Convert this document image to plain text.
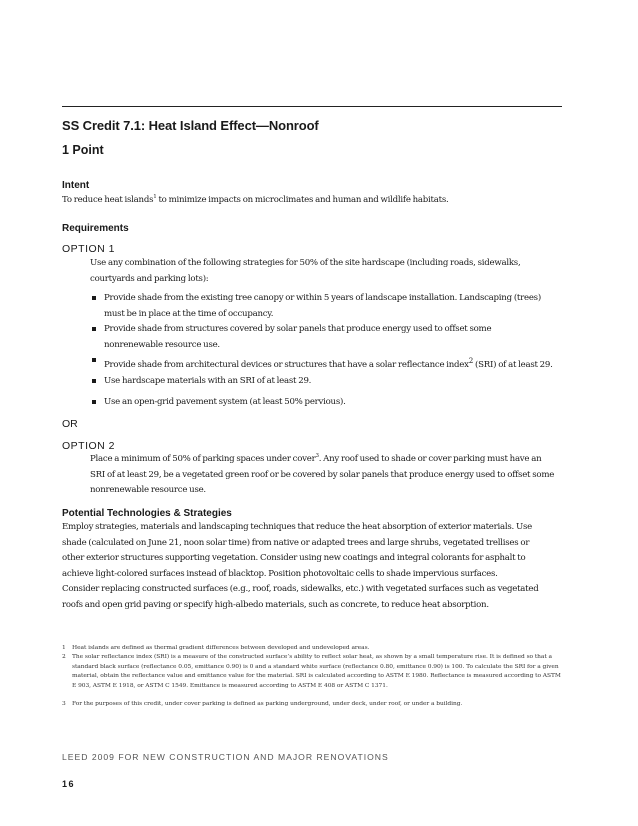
SS Credit 7.1: Heat Island Effect—Nonroof
1 Point
Intent
To reduce heat islands$^1$ to minimize impacts on microclimates and human and wildlife habitats.
Requirements
OPTION 1
Use any combination of the following strategies for 50% of the site hardscape (including roads, sidewalks,
courtyards and parking lots):
Provide shade from the existing tree canopy or within 5 years of landscape installation. Landscaping (trees)
must be in place at the time of occupancy.
Provide shade from structures covered by solar panels that produce energy used to offset some
nonrenewable resource use.
Provide shade from architectural devices or structures that have a solar reflectance index$^2$ (SRI) of at least 29.
Use hardscape materials with an SRI of at least 29.
Use an open-grid pavement system (at least 50% pervious).
OR
OPTION 2
Place a minimum of 50% of parking spaces under cover$^3$. Any roof used to shade or cover parking must have an
SRI of at least 29, be a vegetated green roof or be covered by solar panels that produce energy used to offset some
nonrenewable resource use.
Potential Technologies & Strategies
Employ strategies, materials and landscaping techniques that reduce the heat absorption of exterior materials. Use
shade (calculated on June 21, noon solar time) from native or adapted trees and large shrubs, vegetated trellises or
other exterior structures supporting vegetation. Consider using new coatings and integral colorants for asphalt to
achieve light-colored surfaces instead of blacktop. Position photovoltaic cells to shade impervious surfaces.
Consider replacing constructed surfaces (e.g., roof, roads, sidewalks, etc.) with vegetated surfaces such as vegetated
roofs and open grid paving or specify high-albedo materials, such as concrete, to reduce heat absorption.
1	Heat islands are defined as thermal gradient differences between developed and undeveloped areas.
2	The solar reflectance index (SRI) is a measure of the constructed surface’s ability to reflect solar heat, as shown by a small temperature rise. It is defined so that a standard black surface (reflectance 0.05, emittance 0.90) is 0 and a standard white surface (reflectance 0.80, emittance 0.90) is 100. To calculate the SRI for a given material, obtain the reflectance value and emittance value for the material. SRI is calculated according to ASTM E 1980. Reflectance is measured according to ASTM E 903, ASTM E 1918, or ASTM C 1549. Emittance is measured according to ASTM E 408 or ASTM C 1371.
3	For the purposes of this credit, under cover parking is defined as parking underground, under deck, under roof, or under a building.
LEED 2009 FOR NEW CONSTRUCTION AND MAJOR RENOVATIONS
16
